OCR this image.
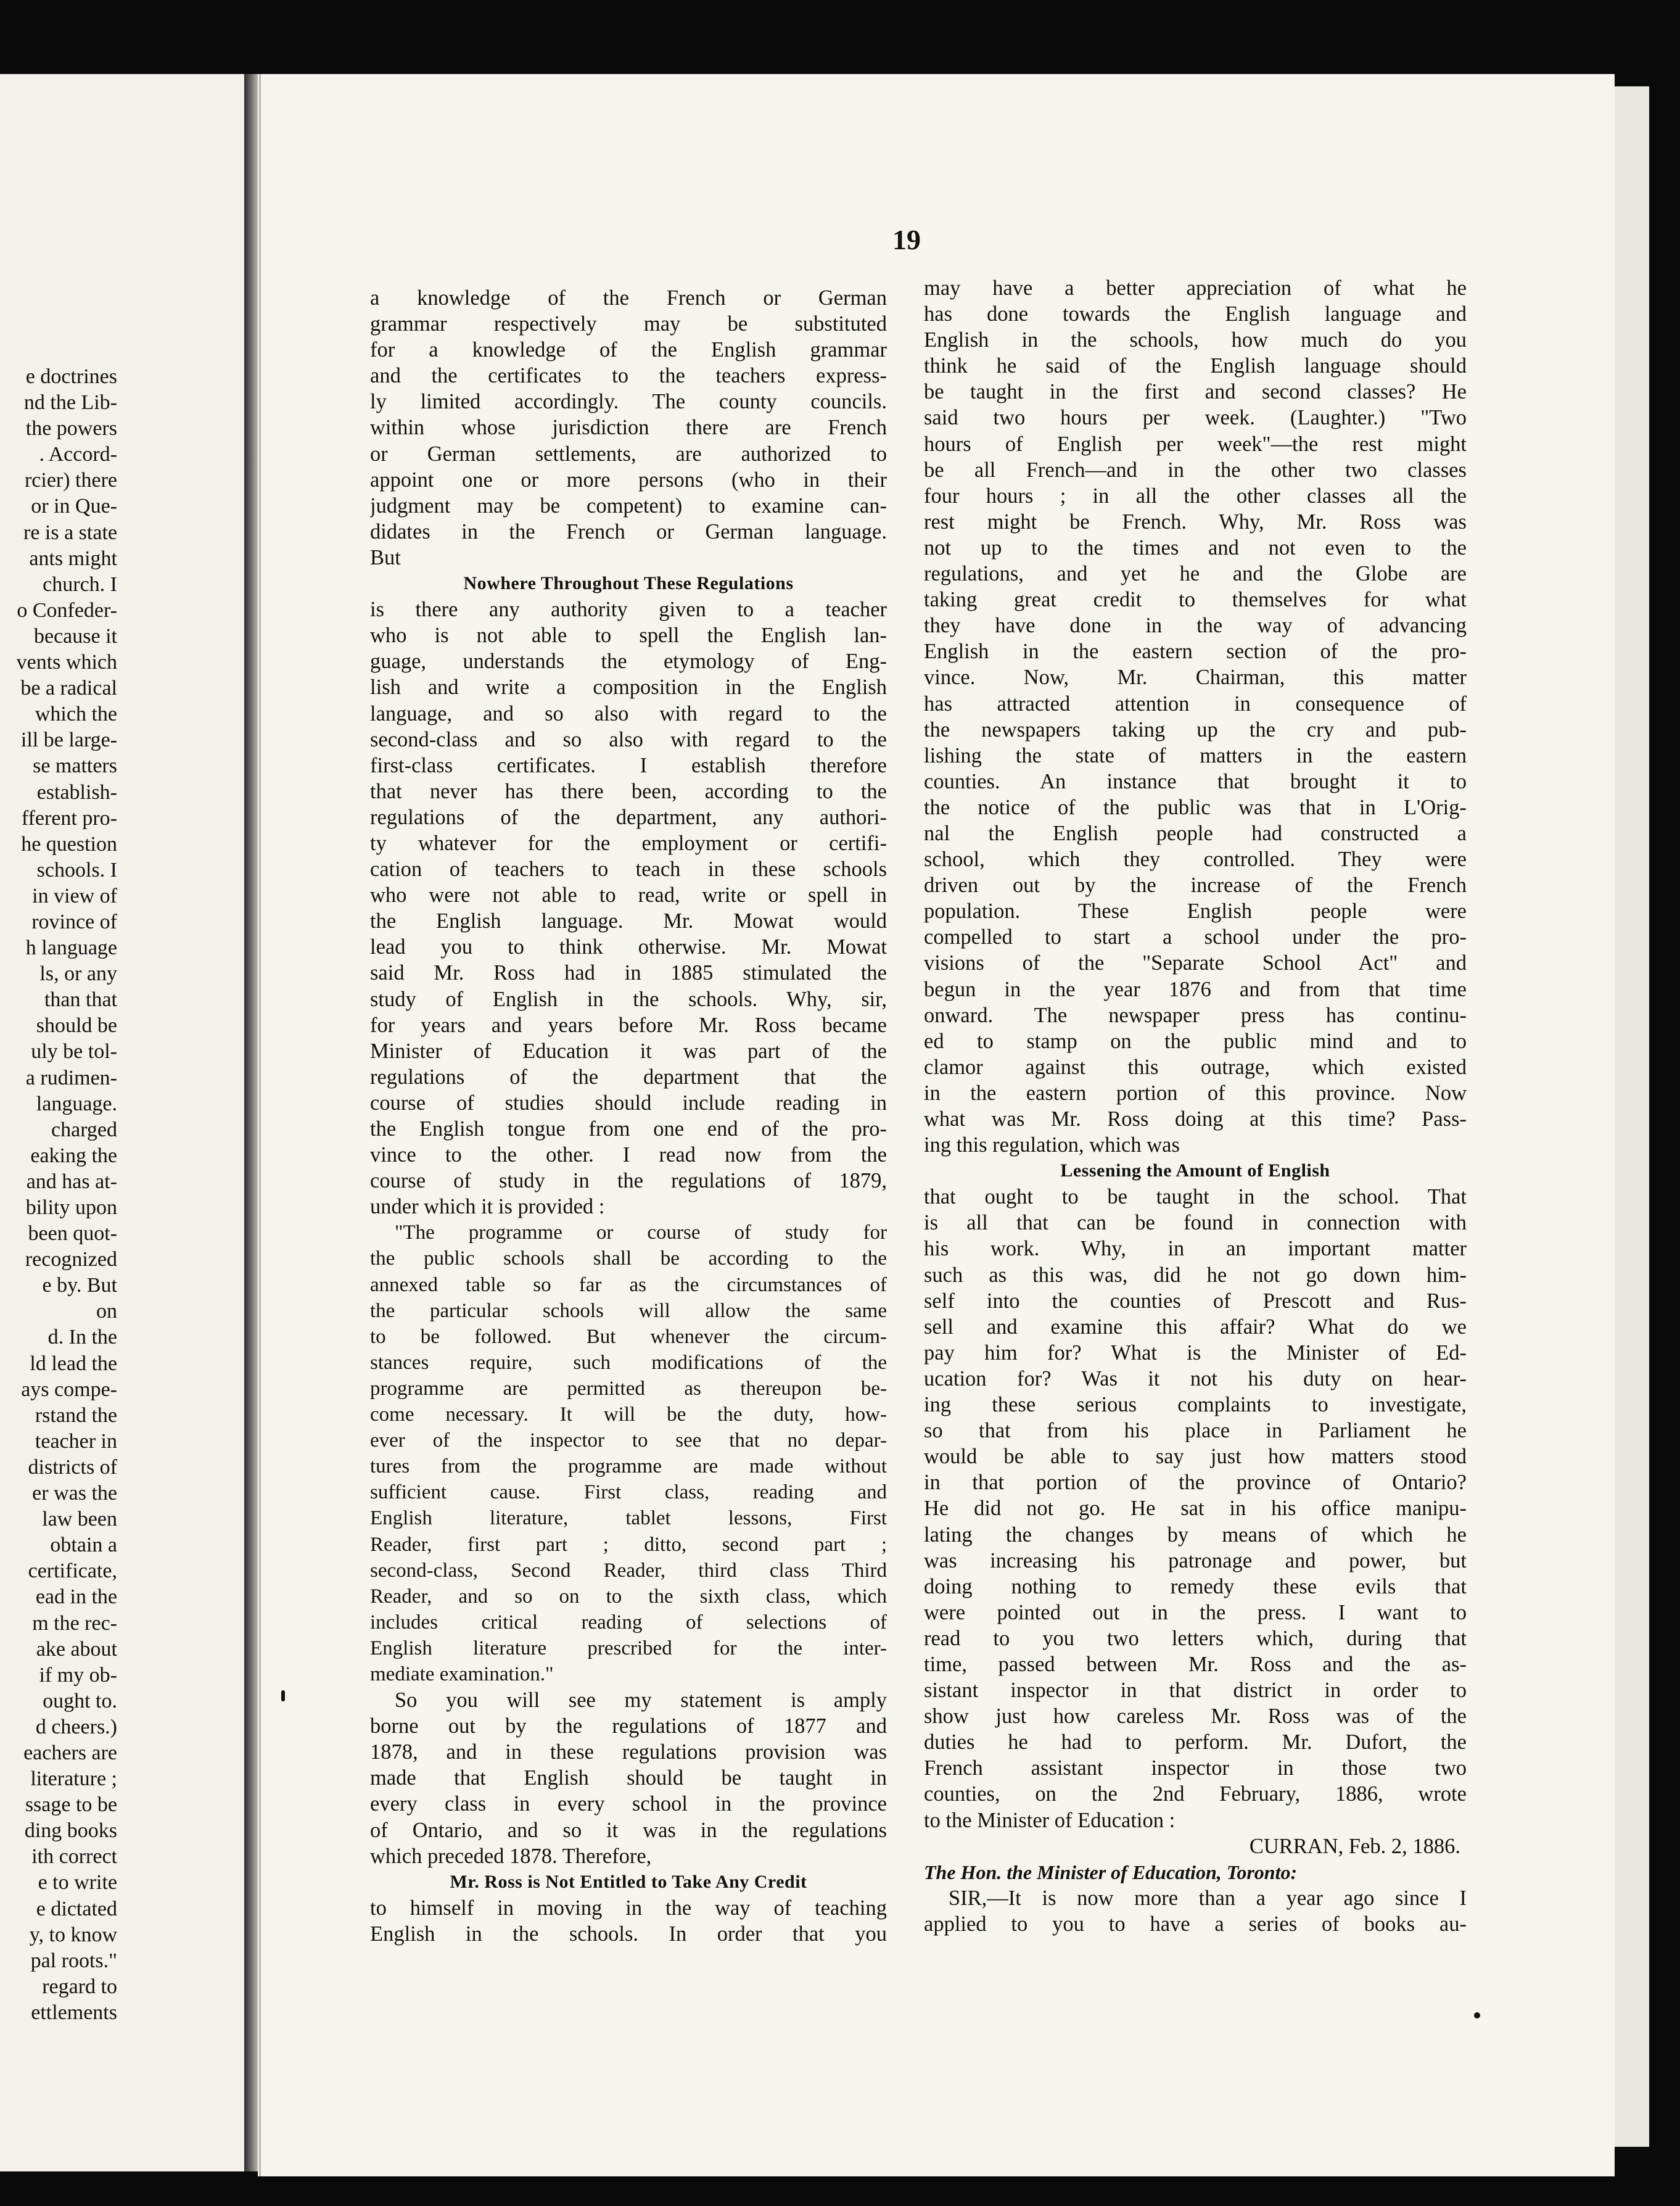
e doctrines
nd the Lib-
the powers
. Accord-
rcier) there
or in Que-
re is a state
ants might
church. I
o Confeder-
because it
vents which
be a radical
which the
ill be large-
se matters
establish-
fferent pro-
he question
schools. I
in view of
rovince of
h language
ls, or any
than that
should be
uly be tol-
a rudimen-
language.
charged
eaking the
and has at-
bility upon
been quot-
recognized
e by. But
on
d. In the
ld lead the
ays compe-
rstand the
teacher in
districts of
er was the
law been
obtain a
certificate,
ead in the
m the rec-
ake about
if my ob-
ought to.
d cheers.)
eachers are
literature ;
ssage to be
ding books
ith correct
e to write
e dictated
y, to know
pal roots."
regard to
ettlements
19
a knowledge of the French or German
grammar respectively may be substituted
for a knowledge of the English grammar
and the certificates to the teachers express-
ly limited accordingly. The county councils.
within whose jurisdiction there are French
or German settlements, are authorized to
appoint one or more persons (who in their
judgment may be competent) to examine can-
didates in the French or German language.
But
Nowhere Throughout These Regulations
is there any authority given to a teacher
who is not able to spell the English lan-
guage, understands the etymology of Eng-
lish and write a composition in the English
language, and so also with regard to the
second-class and so also with regard to the
first-class certificates. I establish therefore
that never has there been, according to the
regulations of the department, any authori-
ty whatever for the employment or certifi-
cation of teachers to teach in these schools
who were not able to read, write or spell in
the English language. Mr. Mowat would
lead you to think otherwise. Mr. Mowat
said Mr. Ross had in 1885 stimulated the
study of English in the schools. Why, sir,
for years and years before Mr. Ross became
Minister of Education it was part of the
regulations of the department that the
course of studies should include reading in
the English tongue from one end of the pro-
vince to the other. I read now from the
course of study in the regulations of 1879,
under which it is provided :
"The programme or course of study for
the public schools shall be according to the
annexed table so far as the circumstances of
the particular schools will allow the same
to be followed. But whenever the circum-
stances require, such modifications of the
programme are permitted as thereupon be-
come necessary. It will be the duty, how-
ever of the inspector to see that no depar-
tures from the programme are made without
sufficient cause. First class, reading and
English literature, tablet lessons, First
Reader, first part ; ditto, second part ;
second-class, Second Reader, third class Third
Reader, and so on to the sixth class, which
includes critical reading of selections of
English literature prescribed for the inter-
mediate examination."
So you will see my statement is amply
borne out by the regulations of 1877 and
1878, and in these regulations provision was
made that English should be taught in
every class in every school in the province
of Ontario, and so it was in the regulations
which preceded 1878. Therefore,
Mr. Ross is Not Entitled to Take Any Credit
to himself in moving in the way of teaching
English in the schools. In order that you
may have a better appreciation of what he
has done towards the English language and
English in the schools, how much do you
think he said of the English language should
be taught in the first and second classes? He
said two hours per week. (Laughter.) "Two
hours of English per week"—the rest might
be all French—and in the other two classes
four hours ; in all the other classes all the
rest might be French. Why, Mr. Ross was
not up to the times and not even to the
regulations, and yet he and the Globe are
taking great credit to themselves for what
they have done in the way of advancing
English in the eastern section of the pro-
vince. Now, Mr. Chairman, this matter
has attracted attention in consequence of
the newspapers taking up the cry and pub-
lishing the state of matters in the eastern
counties. An instance that brought it to
the notice of the public was that in L'Orig-
nal the English people had constructed a
school, which they controlled. They were
driven out by the increase of the French
population. These English people were
compelled to start a school under the pro-
visions of the "Separate School Act" and
begun in the year 1876 and from that time
onward. The newspaper press has continu-
ed to stamp on the public mind and to
clamor against this outrage, which existed
in the eastern portion of this province. Now
what was Mr. Ross doing at this time? Pass-
ing this regulation, which was
Lessening the Amount of English
that ought to be taught in the school. That
is all that can be found in connection with
his work. Why, in an important matter
such as this was, did he not go down him-
self into the counties of Prescott and Rus-
sell and examine this affair? What do we
pay him for? What is the Minister of Ed-
ucation for? Was it not his duty on hear-
ing these serious complaints to investigate,
so that from his place in Parliament he
would be able to say just how matters stood
in that portion of the province of Ontario?
He did not go. He sat in his office manipu-
lating the changes by means of which he
was increasing his patronage and power, but
doing nothing to remedy these evils that
were pointed out in the press. I want to
read to you two letters which, during that
time, passed between Mr. Ross and the as-
sistant inspector in that district in order to
show just how careless Mr. Ross was of the
duties he had to perform. Mr. Dufort, the
French assistant inspector in those two
counties, on the 2nd February, 1886, wrote
to the Minister of Education :
CURRAN, Feb. 2, 1886.
The Hon. the Minister of Education, Toronto:
SIR,—It is now more than a year ago since I
applied to you to have a series of books au-
